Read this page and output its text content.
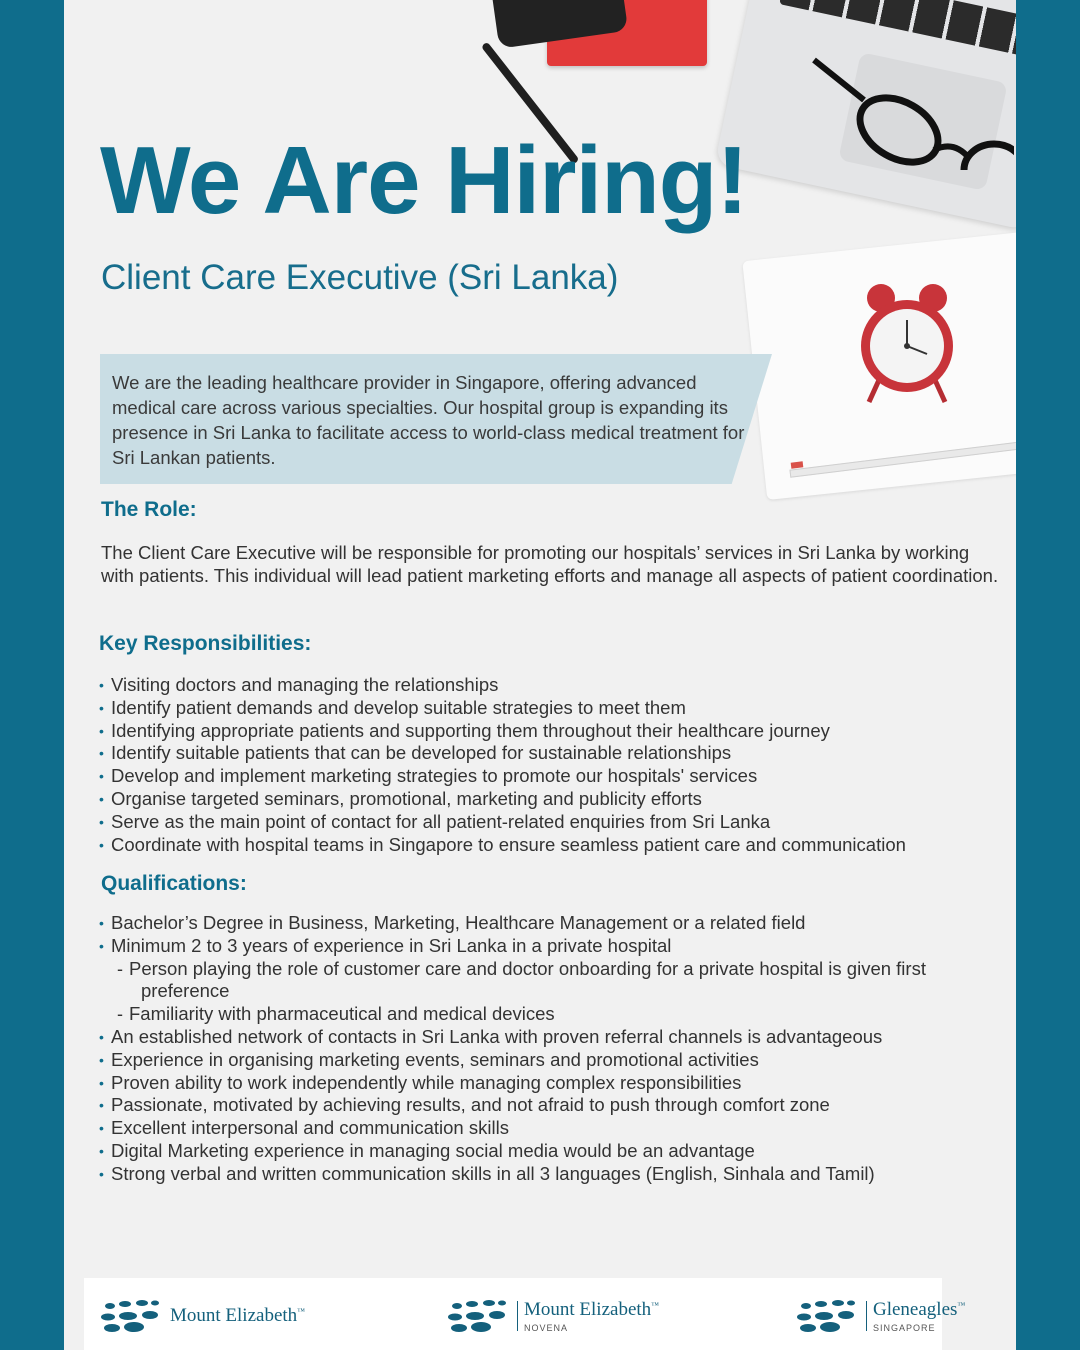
We Are Hiring!
Client Care Executive (Sri Lanka)

We are the leading healthcare provider in Singapore, offering advanced medical care across various specialties. Our hospital group is expanding its presence in Sri Lanka to facilitate access to world-class medical treatment for Sri Lankan patients.

The Role:

The Client Care Executive will be responsible for promoting our hospitals’ services in Sri Lanka by working with patients. This individual will lead patient marketing efforts and manage all aspects of patient coordination.

Key Responsibilities:
• Visiting doctors and managing the relationships
• Identify patient demands and develop suitable strategies to meet them
• Identifying appropriate patients and supporting them throughout their healthcare journey
• Identify suitable patients that can be developed for sustainable relationships
• Develop and implement marketing strategies to promote our hospitals' services
• Organise targeted seminars, promotional, marketing and publicity efforts
• Serve as the main point of contact for all patient-related enquiries from Sri Lanka
• Coordinate with hospital teams in Singapore to ensure seamless patient care and communication
Qualifications:
• Bachelor’s Degree in Business, Marketing, Healthcare Management or a related field
• Minimum 2 to 3 years of experience in Sri Lanka in a private hospital
- Person playing the role of customer care and doctor onboarding for a private hospital is given first preference
- Familiarity with pharmaceutical and medical devices
• An established network of contacts in Sri Lanka with proven referral channels is advantageous
• Experience in organising marketing events, seminars and promotional activities
• Proven ability to work independently while managing complex responsibilities
• Passionate, motivated by achieving results, and not afraid to push through comfort zone
• Excellent interpersonal and communication skills
• Digital Marketing experience in managing social media would be an advantage
• Strong verbal and written communication skills in all 3 languages (English, Sinhala and Tamil)
Mount Elizabeth™	Mount Elizabeth™
NOVENA
Gleneagles™
SINGAPORE
